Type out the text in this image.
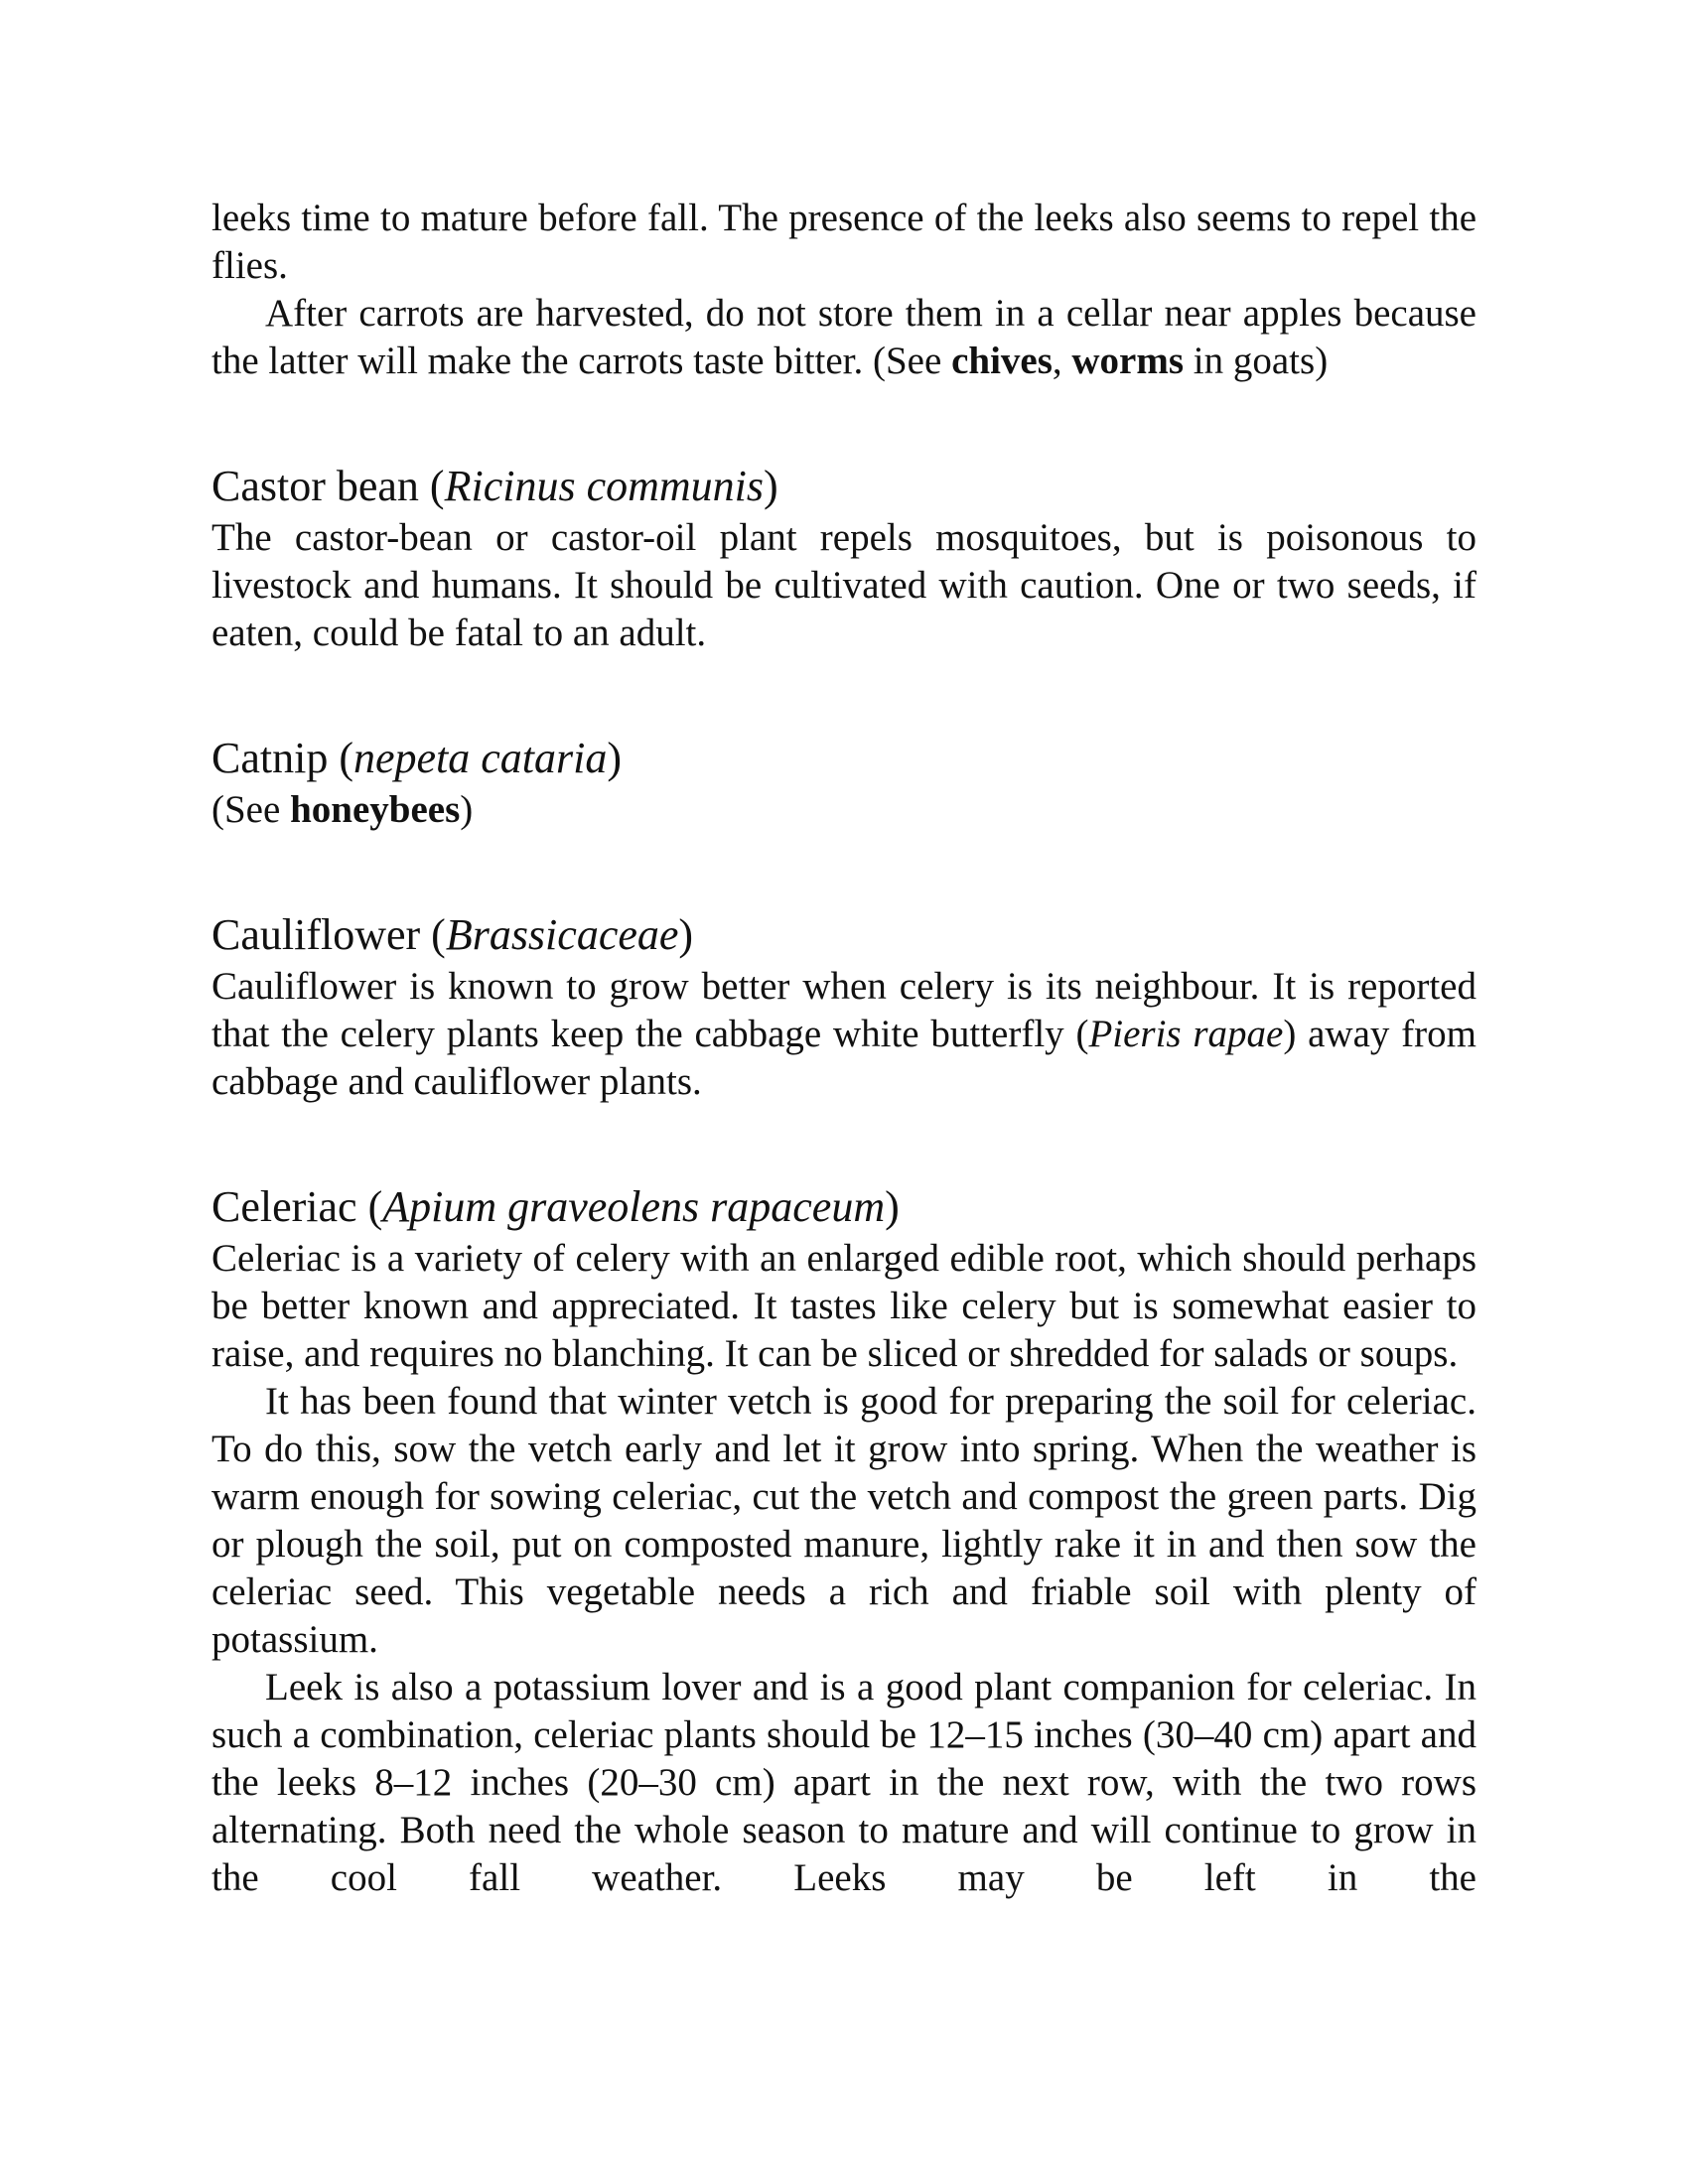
leeks time to mature before fall. The presence of the leeks also seems to repel the flies.

After carrots are harvested, do not store them in a cellar near apples because the latter will make the carrots taste bitter. (See chives, worms in goats)

Castor bean (Ricinus communis)

The castor-bean or castor-oil plant repels mosquitoes, but is poisonous to livestock and humans. It should be cultivated with caution. One or two seeds, if eaten, could be fatal to an adult.

Catnip (nepeta cataria)

(See honeybees)

Cauliflower (Brassicaceae)

Cauliflower is known to grow better when celery is its neighbour. It is reported that the celery plants keep the cabbage white butterfly (Pieris rapae) away from cabbage and cauliflower plants.

Celeriac (Apium graveolens rapaceum)

Celeriac is a variety of celery with an enlarged edible root, which should perhaps be better known and appreciated. It tastes like celery but is somewhat easier to raise, and requires no blanching. It can be sliced or shredded for salads or soups.

It has been found that winter vetch is good for preparing the soil for celeriac. To do this, sow the vetch early and let it grow into spring. When the weather is warm enough for sowing celeriac, cut the vetch and compost the green parts. Dig or plough the soil, put on composted manure, lightly rake it in and then sow the celeriac seed. This vegetable needs a rich and friable soil with plenty of potassium.

Leek is also a potassium lover and is a good plant companion for celeriac. In such a combination, celeriac plants should be 12–15 inches (30–40 cm) apart and the leeks 8–12 inches (20–30 cm) apart in the next row, with the two rows alternating. Both need the whole season to mature and will continue to grow in the cool fall weather. Leeks may be left in the
